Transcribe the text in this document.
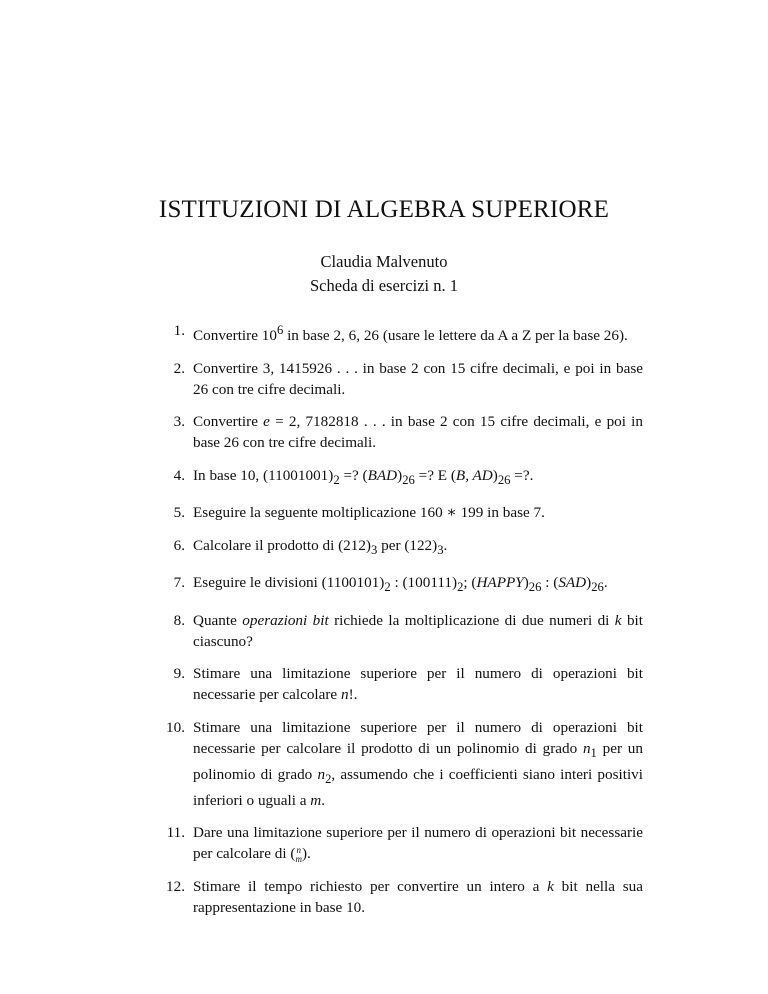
ISTITUZIONI DI ALGEBRA SUPERIORE
Claudia Malvenuto
Scheda di esercizi n. 1
1. Convertire $10^6$ in base 2, 6, 26 (usare le lettere da A a Z per la base 26).
2. Convertire 3, 1415926 . . . in base 2 con 15 cifre decimali, e poi in base 26 con tre cifre decimali.
3. Convertire e = 2, 7182818 . . . in base 2 con 15 cifre decimali, e poi in base 26 con tre cifre decimali.
4. In base 10, $(11001001)_2$ =? $(BAD)_{26}$ =? E (B, $AD)_{26}$ =?.
5. Eseguire la seguente moltiplicazione 160 ∗ 199 in base 7.
6. Calcolare il prodotto di $(212)_3$ per $(122)_3$.
7. Eseguire le divisioni $(1100101)_2$ : $(100111)_2$; $(HAPPY)_{26}$ : $(SAD)_{26}$.
8. Quante operazioni bit richiede la moltiplicazione di due numeri di k bit ciascuno?
9. Stimare una limitazione superiore per il numero di operazioni bit necessarie per calcolare n!.
10. Stimare una limitazione superiore per il numero di operazioni bit necessarie per calcolare il prodotto di un polinomio di grado $n_1$ per un polinomio di grado $n_2$, assumendo che i coefficienti siano interi positivi inferiori o uguali a m.
11. Dare una limitazione superiore per il numero di operazioni bit necessarie per calcolare di (n
m).
12. Stimare il tempo richiesto per convertire un intero a k bit nella sua rappresentazione in base 10.
